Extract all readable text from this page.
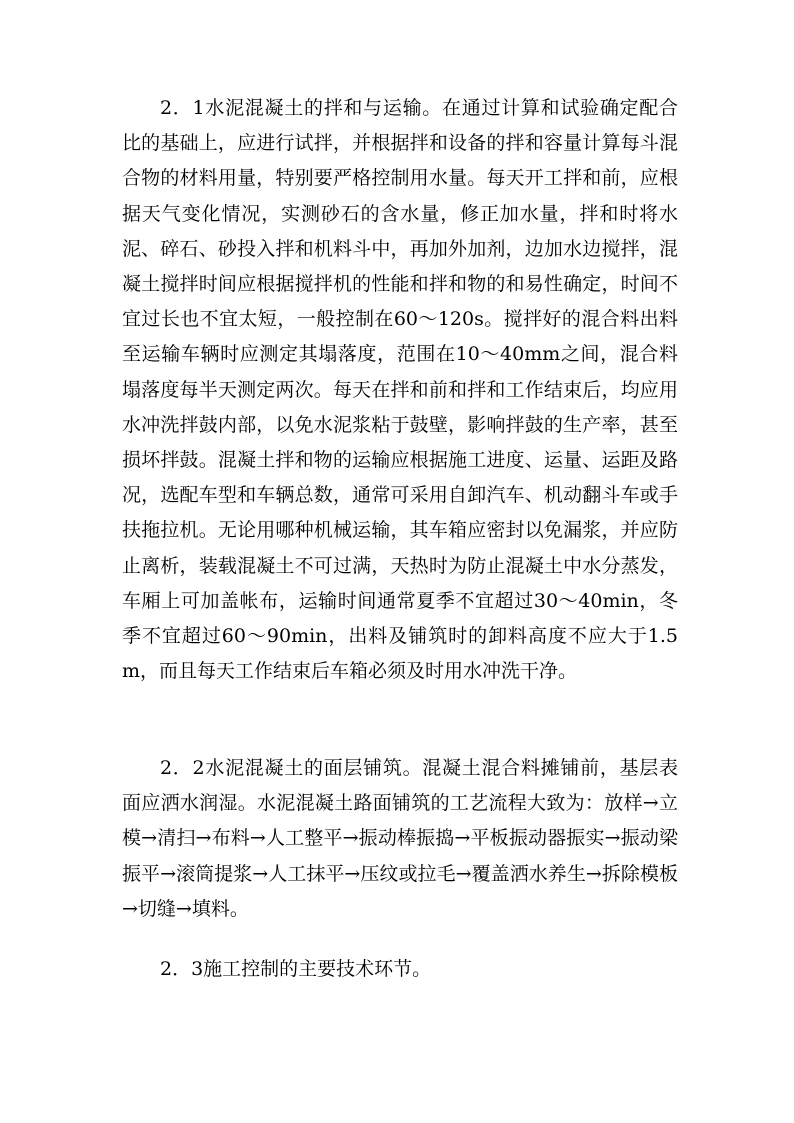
2．1水泥混凝土的拌和与运输。在通过计算和试验确定配合比的基础上，应进行试拌，并根据拌和设备的拌和容量计算每斗混合物的材料用量，特别要严格控制用水量。每天开工拌和前，应根据天气变化情况，实测砂石的含水量，修正加水量，拌和时将水泥、碎石、砂投入拌和机料斗中，再加外加剂，边加水边搅拌，混凝土搅拌时间应根据搅拌机的性能和拌和物的和易性确定，时间不宜过长也不宜太短，一般控制在60～120s。搅拌好的混合料出料至运输车辆时应测定其塌落度，范围在10～40mm之间，混合料塌落度每半天测定两次。每天在拌和前和拌和工作结束后，均应用水冲洗拌鼓内部，以免水泥浆粘于鼓壁，影响拌鼓的生产率，甚至损坏拌鼓。混凝土拌和物的运输应根据施工进度、运量、运距及路况，选配车型和车辆总数，通常可采用自卸汽车、机动翻斗车或手扶拖拉机。无论用哪种机械运输，其车箱应密封以免漏浆，并应防止离析，装载混凝土不可过满，天热时为防止混凝土中水分蒸发，车厢上可加盖帐布，运输时间通常夏季不宜超过30～40min，冬季不宜超过60～90min，出料及铺筑时的卸料高度不应大于1.5m，而且每天工作结束后车箱必须及时用水冲洗干净。

2．2水泥混凝土的面层铺筑。混凝土混合料摊铺前，基层表面应洒水润湿。水泥混凝土路面铺筑的工艺流程大致为：放样→立模→清扫→布料→人工整平→振动棒振捣→平板振动器振实→振动梁振平→滚筒提浆→人工抹平→压纹或拉毛→覆盖洒水养生→拆除模板→切缝→填料。

2．3施工控制的主要技术环节。
